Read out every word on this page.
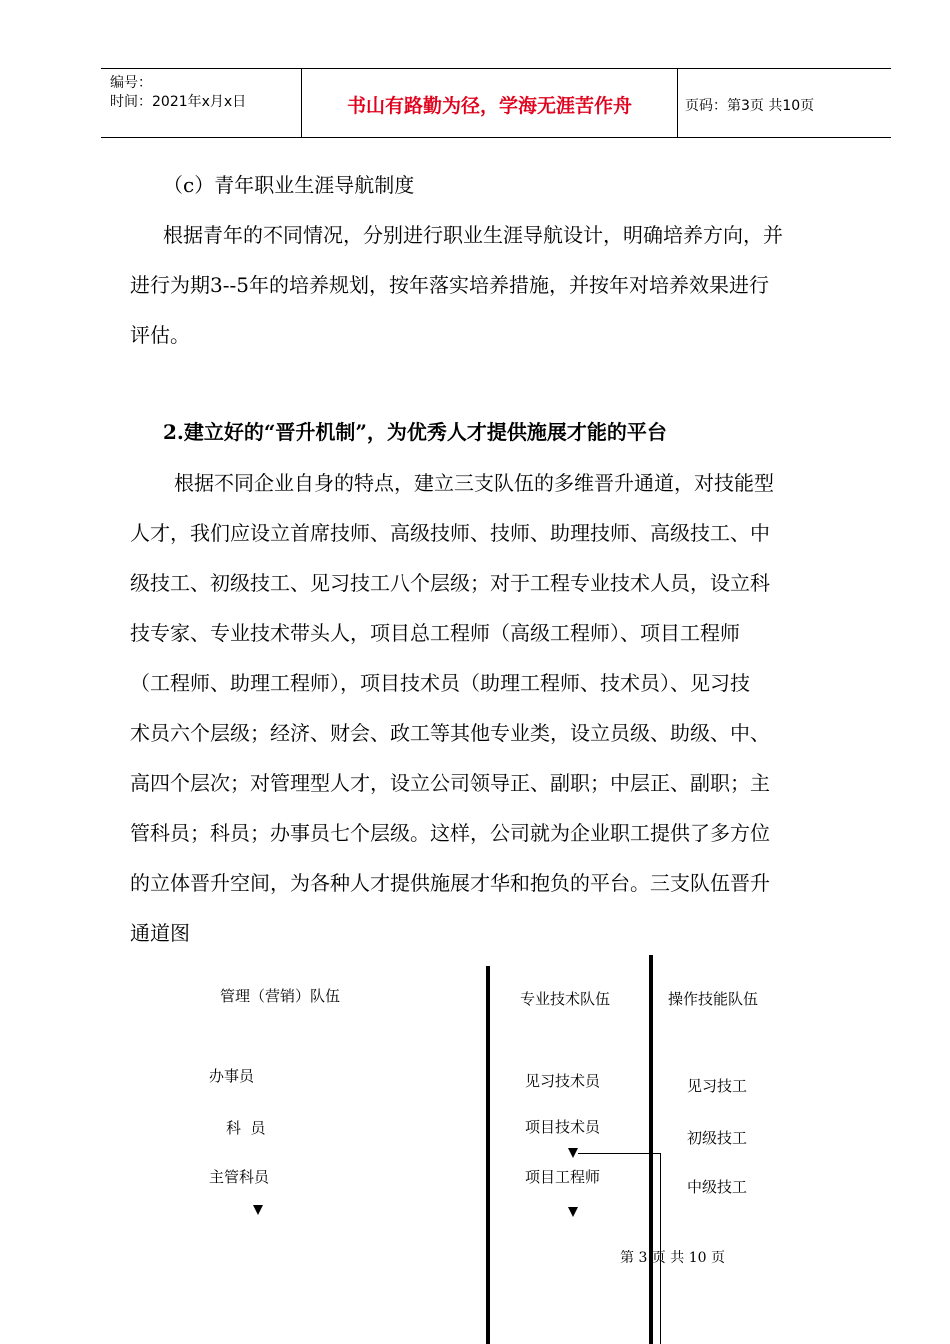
编号：
时间：2021年x月x日	书山有路勤为径，学海无涯苦作舟	页码：第3页 共10页

（c）青年职业生涯导航制度

根据青年的不同情况，分别进行职业生涯导航设计，明确培养方向，并
进行为期3--5年的培养规划，按年落实培养措施，并按年对培养效果进行
评估。

2.建立好的“晋升机制”，为优秀人才提供施展才能的平台

根据不同企业自身的特点，建立三支队伍的多维晋升通道，对技能型
人才，我们应设立首席技师、高级技师、技师、助理技师、高级技工、中
级技工、初级技工、见习技工八个层级；对于工程专业技术人员，设立科
技专家、专业技术带头人，项目总工程师（高级工程师）、项目工程师
（工程师、助理工程师），项目技术员（助理工程师、技术员）、见习技
术员六个层级；经济、财会、政工等其他专业类，设立员级、助级、中、
高四个层次；对管理型人才，设立公司领导正、副职；中层正、副职；主
管科员；科员；办事员七个层级。这样，公司就为企业职工提供了多方位
的立体晋升空间，为各种人才提供施展才华和抱负的平台。三支队伍晋升
通道图

管理（营销）队伍
办事员
科  员
主管科员
专业技术队伍
见习技术员
项目技术员
项目工程师
操作技能队伍
见习技工
初级技工
中级技工
第 3 页 共 10 页
